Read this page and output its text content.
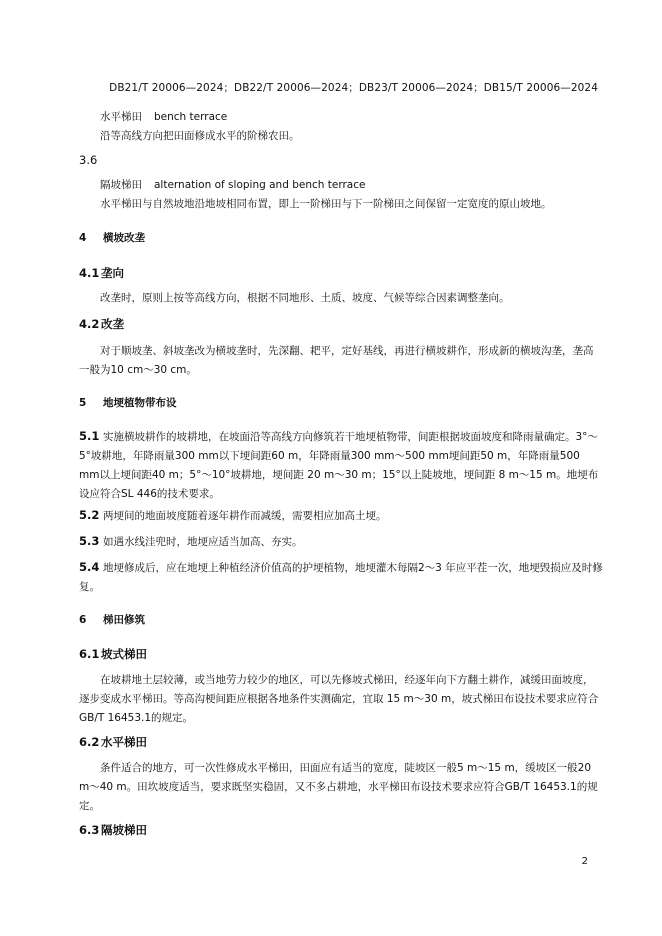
DB21/T 20006—2024；DB22/T 20006—2024；DB23/T 20006—2024；DB15/T 20006—2024
水平梯田 bench terrace
沿等高线方向把田面修成水平的阶梯农田。
3.6
隔坡梯田 alternation of sloping and bench terrace
水平梯田与自然坡地沿地坡相同布置，即上一阶梯田与下一阶梯田之间保留一定宽度的原山坡地。
4 横坡改垄
4.1 垄向
改垄时，原则上按等高线方向，根据不同地形、土质、坡度、气候等综合因素调整垄向。
4.2 改垄
对于顺坡垄、斜坡垄改为横坡垄时，先深翻、耙平，定好基线，再进行横坡耕作，形成新的横坡沟垄，垄高一般为10 cm～30 cm。
5 地埂植物带布设
5.1 实施横坡耕作的坡耕地，在坡面沿等高线方向修筑若干地埂植物带，间距根据坡面坡度和降雨量确定。3°～5°坡耕地，年降雨量300 mm以下埂间距60 m，年降雨量300 mm～500 mm埂间距50 m，年降雨量500 mm以上埂间距40 m；5°～10°坡耕地，埂间距 20 m～30 m；15°以上陡坡地，埂间距 8 m～15 m。地埂布设应符合SL 446的技术要求。
5.2 两埂间的地面坡度随着逐年耕作而减缓，需要相应加高土埂。
5.3 如遇水线洼兜时，地埂应适当加高、夯实。
5.4 地埂修成后，应在地埂上种植经济价值高的护埂植物，地埂灌木每隔2～3 年应平茬一次，地埂毁损应及时修复。
6 梯田修筑
6.1 坡式梯田
在坡耕地土层较薄，或当地劳力较少的地区，可以先修坡式梯田，经逐年向下方翻土耕作，减缓田面坡度，逐步变成水平梯田。等高沟梗间距应根据各地条件实测确定，宜取 15 m～30 m，坡式梯田布设技术要求应符合GB/T 16453.1的规定。
6.2 水平梯田
条件适合的地方，可一次性修成水平梯田，田面应有适当的宽度，陡坡区一般5 m～15 m，缓坡区一般20 m～40 m。田坎坡度适当，要求既坚实稳固，又不多占耕地，水平梯田布设技术要求应符合GB/T 16453.1的规定。
6.3 隔坡梯田
2
